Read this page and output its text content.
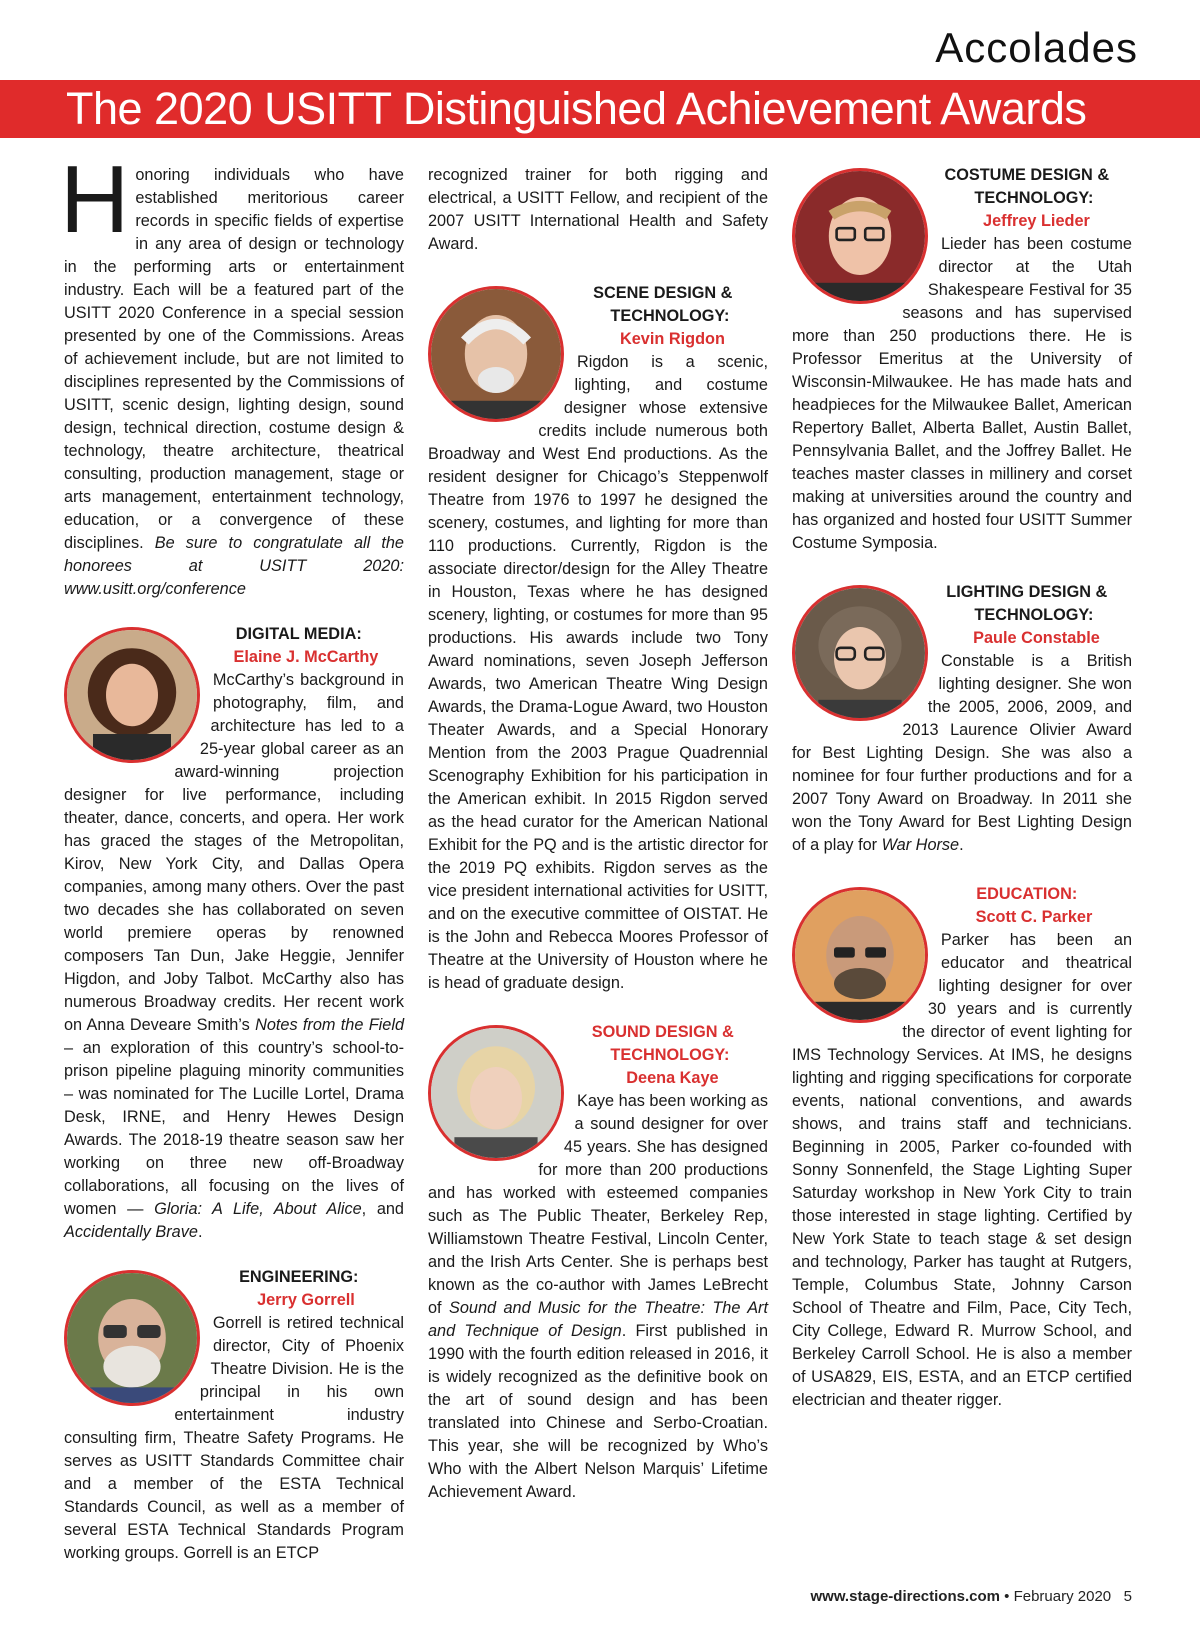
Accolades
The 2020 USITT Distinguished Achievement Awards

Honoring individuals who have established meritorious career records in specific fields of expertise in any area of design or technology in the performing arts or entertainment industry. Each will be a featured part of the USITT 2020 Conference in a special session presented by one of the Commissions. Areas of achievement include, but are not limited to disciplines represented by the Commissions of USITT, scenic design, lighting design, sound design, technical direction, costume design & technology, theatre architecture, theatrical consulting, production management, stage or arts management, entertainment technology, education, or a convergence of these disciplines. Be sure to congratulate all the honorees at USITT 2020: www.usitt.org/conference

DIGITAL MEDIA:
Elaine J. McCarthy

McCarthy’s background in photography, film, and architecture has led to a 25-year global career as an award-winning projection designer for live performance, including theater, dance, concerts, and opera. Her work has graced the stages of the Metropolitan, Kirov, New York City, and Dallas Opera companies, among many others. Over the past two decades she has collaborated on seven world premiere operas by renowned composers Tan Dun, Jake Heggie, Jennifer Higdon, and Joby Talbot. McCarthy also has numerous Broadway credits. Her recent work on Anna Deveare Smith’s Notes from the Field – an exploration of this country’s school-to-prison pipeline plaguing minority communities – was nominated for The Lucille Lortel, Drama Desk, IRNE, and Henry Hewes Design Awards. The 2018-19 theatre season saw her working on three new off-Broadway collaborations, all focusing on the lives of women — Gloria: A Life, About Alice, and Accidentally Brave.

ENGINEERING:
Jerry Gorrell

Gorrell is retired technical director, City of Phoenix Theatre Division. He is the principal in his own entertainment industry consulting firm, Theatre Safety Programs. He serves as USITT Standards Committee chair and a member of the ESTA Technical Standards Council, as well as a member of several ESTA Technical Standards Program working groups. Gorrell is an ETCP

recognized trainer for both rigging and electrical, a USITT Fellow, and recipient of the 2007 USITT International Health and Safety Award.

SCENE DESIGN &
TECHNOLOGY:
Kevin Rigdon

Rigdon is a scenic, lighting, and costume designer whose extensive credits include numerous both Broadway and West End productions. As the resident designer for Chicago’s Steppenwolf Theatre from 1976 to 1997 he designed the scenery, costumes, and lighting for more than 110 productions. Currently, Rigdon is the associate director/design for the Alley Theatre in Houston, Texas where he has designed scenery, lighting, or costumes for more than 95 productions. His awards include two Tony Award nominations, seven Joseph Jefferson Awards, two American Theatre Wing Design Awards, the Drama-Logue Award, two Houston Theater Awards, and a Special Honorary Mention from the 2003 Prague Quadrennial Scenography Exhibition for his participation in the American exhibit. In 2015 Rigdon served as the head curator for the American National Exhibit for the PQ and is the artistic director for the 2019 PQ exhibits. Rigdon serves as the vice president international activities for USITT, and on the executive committee of OISTAT. He is the John and Rebecca Moores Professor of Theatre at the University of Houston where he is head of graduate design.

SOUND DESIGN &
TECHNOLOGY:
Deena Kaye

Kaye has been working as a sound designer for over 45 years. She has designed for more than 200 productions and has worked with esteemed companies such as The Public Theater, Berkeley Rep, Williamstown Theatre Festival, Lincoln Center, and the Irish Arts Center. She is perhaps best known as the co-author with James LeBrecht of Sound and Music for the Theatre: The Art and Technique of Design. First published in 1990 with the fourth edition released in 2016, it is widely recognized as the definitive book on the art of sound design and has been translated into Chinese and Serbo-Croatian. This year, she will be recognized by Who’s Who with the Albert Nelson Marquis’ Lifetime Achievement Award.

COSTUME DESIGN &
TECHNOLOGY:
Jeffrey Lieder

Lieder has been costume director at the Utah Shakespeare Festival for 35 seasons and has supervised more than 250 productions there. He is Professor Emeritus at the University of Wisconsin-Milwaukee. He has made hats and headpieces for the Milwaukee Ballet, American Repertory Ballet, Alberta Ballet, Austin Ballet, Pennsylvania Ballet, and the Joffrey Ballet. He teaches master classes in millinery and corset making at universities around the country and has organized and hosted four USITT Summer Costume Symposia.

LIGHTING DESIGN &
TECHNOLOGY:
Paule Constable

Constable is a British lighting designer. She won the 2005, 2006, 2009, and 2013 Laurence Olivier Award for Best Lighting Design. She was also a nominee for four further productions and for a 2007 Tony Award on Broadway. In 2011 she won the Tony Award for Best Lighting Design of a play for War Horse.

EDUCATION:
Scott C. Parker

Parker has been an educator and theatrical lighting designer for over 30 years and is currently the director of event lighting for IMS Technology Services. At IMS, he designs lighting and rigging specifications for corporate events, national conventions, and awards shows, and trains staff and technicians. Beginning in 2005, Parker co-founded with Sonny Sonnenfeld, the Stage Lighting Super Saturday workshop in New York City to train those interested in stage lighting. Certified by New York State to teach stage & set design and technology, Parker has taught at Rutgers, Temple, Columbus State, Johnny Carson School of Theatre and Film, Pace, City Tech, City College, Edward R. Murrow School, and Berkeley Carroll School. He is also a member of USA829, EIS, ESTA, and an ETCP certified electrician and theater rigger.

www.stage-directions.com • February 2020 5
